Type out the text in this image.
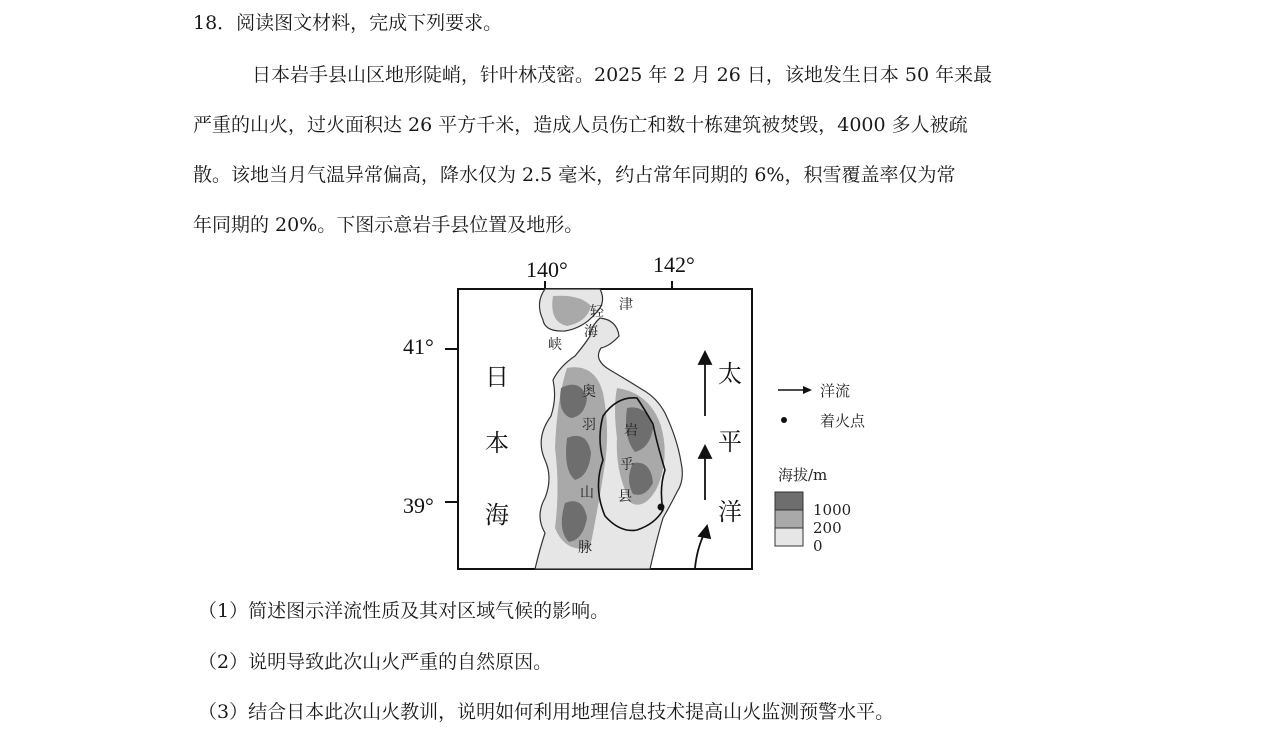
18．阅读图文材料，完成下列要求。
日本岩手县山区地形陡峭，针叶林茂密。2025 年 2 月 26 日，该地发生日本 50 年来最
严重的山火，过火面积达 26 平方千米，造成人员伤亡和数十栋建筑被焚毁，4000 多人被疏
散。该地当月气温异常偏高，降水仅为 2.5 毫米，约占常年同期的 6%，积雪覆盖率仅为常
年同期的 20%。下图示意岩手县位置及地形。
140°	142°
41°
39°
日
本
海
太
平
洋
轻 津
海
峡
奥
羽
山
脉
岩
乎
县
洋流
着火点
海拔/m
1000
200
0
（1）简述图示洋流性质及其对区域气候的影响。
（2）说明导致此次山火严重的自然原因。
（3）结合日本此次山火教训，说明如何利用地理信息技术提高山火监测预警水平。
